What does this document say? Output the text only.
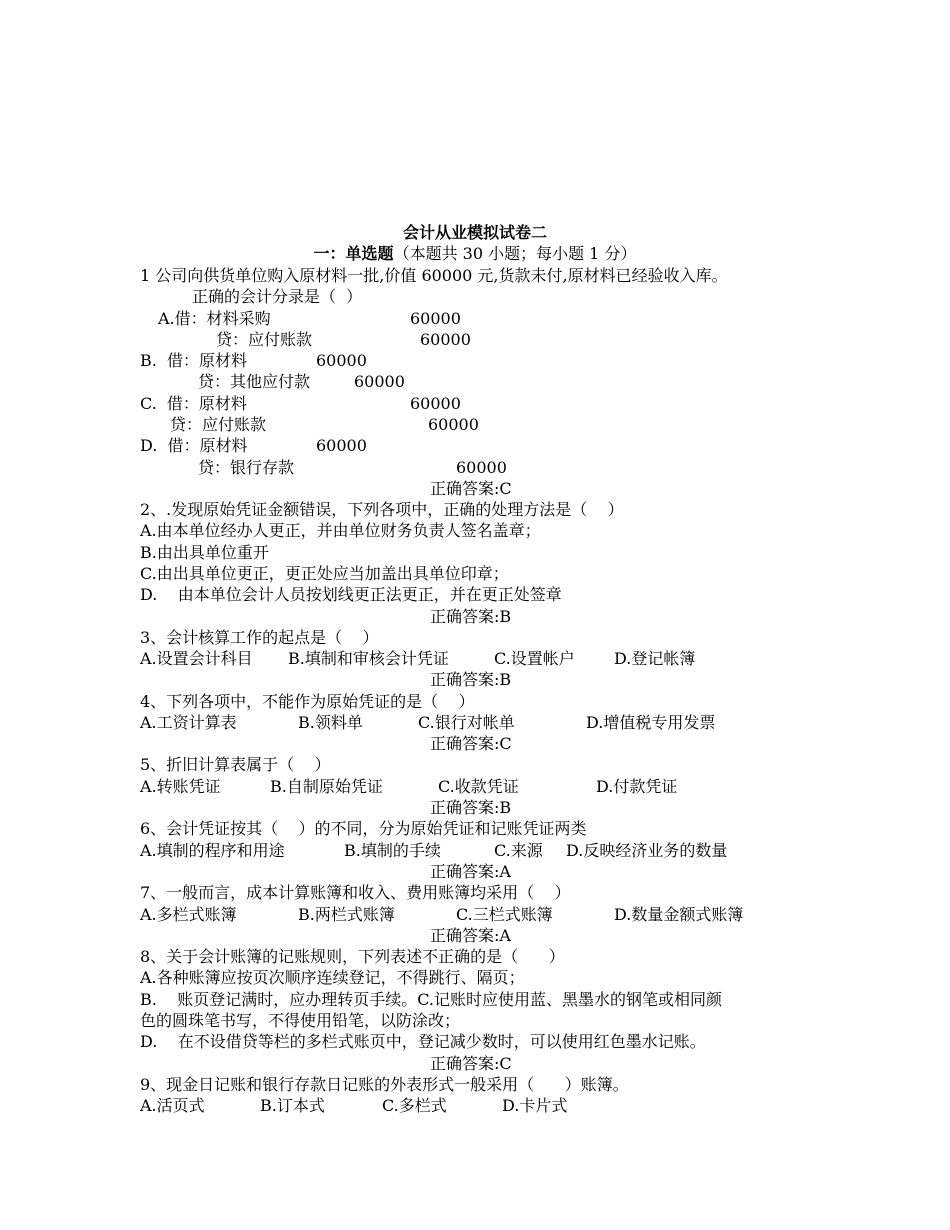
会计从业模拟试卷二
一：单选题（本题共 30 小题；每小题 1 分）
1 公司向供货单位购入原材料一批,价值 60000 元,货款未付,原材料已经验收入库。
正确的会计分录是（  ）
A.借：材料采购	60000
贷：应付账款	60000
B.  借：原材料	60000
贷：其他应付款	60000
C.  借：原材料	60000
贷：应付账款	60000
D.  借：原材料	60000
贷：银行存款	60000
正确答案:C
2、.发现原始凭证金额错误，下列各项中，正确的处理方法是（    ）
A.由本单位经办人更正，并由单位财务负责人签名盖章；
B.由出具单位重开
C.由出具单位更正，更正处应当加盖出具单位印章；
D.    由本单位会计人员按划线更正法更正，并在更正处签章
正确答案:B
3、会计核算工作的起点是（    ）
A.设置会计科目 B.填制和审核会计凭证	C.设置帐户 D.登记帐簿
正确答案:B
4、下列各项中，不能作为原始凭证的是（    ）
A.工资计算表	B.领料单	C.银行对帐单	D.增值税专用发票
正确答案:C
5、折旧计算表属于（    ）
A.转账凭证	B.自制原始凭证	C.收款凭证	D.付款凭证
正确答案:B
6、会计凭证按其（    ）的不同，分为原始凭证和记账凭证两类
A.填制的程序和用途	B.填制的手续	C.来源 D.反映经济业务的数量
正确答案:A
7、一般而言，成本计算账簿和收入、费用账簿均采用（    ）
A.多栏式账簿	B.两栏式账簿	C.三栏式账簿	D.数量金额式账簿
正确答案:A
8、关于会计账簿的记账规则，下列表述不正确的是（      ）
A.各种账簿应按页次顺序连续登记，不得跳行、隔页；
B.    账页登记满时，应办理转页手续。C.记账时应使用蓝、黑墨水的钢笔或相同颜
色的圆珠笔书写，不得使用铅笔，以防涂改；
D.    在不设借贷等栏的多栏式账页中，登记减少数时，可以使用红色墨水记账。
正确答案:C
9、现金日记账和银行存款日记账的外表形式一般采用（      ）账簿。
A.活页式	B.订本式	C.多栏式	D.卡片式
